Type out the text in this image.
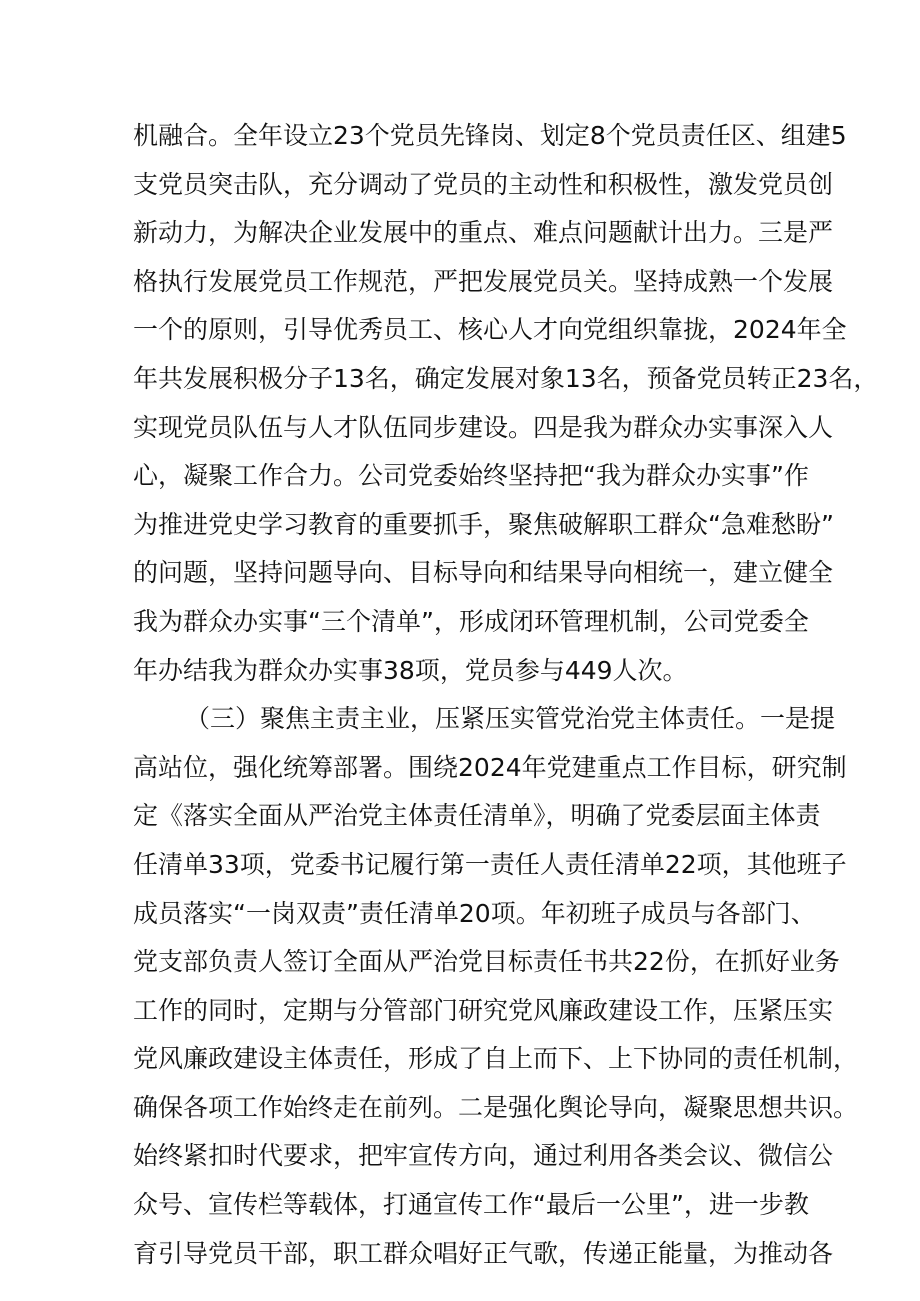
机融合。全年设立23个党员先锋岗、划定8个党员责任区、组建5
支党员突击队，充分调动了党员的主动性和积极性，激发党员创
新动力，为解决企业发展中的重点、难点问题献计出力。三是严
格执行发展党员工作规范，严把发展党员关。坚持成熟一个发展
一个的原则，引导优秀员工、核心人才向党组织靠拢，2024年全
年共发展积极分子13名，确定发展对象13名，预备党员转正23名，
实现党员队伍与人才队伍同步建设。四是我为群众办实事深入人
心，凝聚工作合力。公司党委始终坚持把“我为群众办实事”作
为推进党史学习教育的重要抓手，聚焦破解职工群众“急难愁盼”
的问题，坚持问题导向、目标导向和结果导向相统一，建立健全
我为群众办实事“三个清单”，形成闭环管理机制，公司党委全
年办结我为群众办实事38项，党员参与449人次。
（三）聚焦主责主业，压紧压实管党治党主体责任。一是提
高站位，强化统筹部署。围绕2024年党建重点工作目标，研究制
定《落实全面从严治党主体责任清单》，明确了党委层面主体责
任清单33项，党委书记履行第一责任人责任清单22项，其他班子
成员落实“一岗双责”责任清单20项。年初班子成员与各部门、
党支部负责人签订全面从严治党目标责任书共22份，在抓好业务
工作的同时，定期与分管部门研究党风廉政建设工作，压紧压实
党风廉政建设主体责任，形成了自上而下、上下协同的责任机制，
确保各项工作始终走在前列。二是强化舆论导向，凝聚思想共识。
始终紧扣时代要求，把牢宣传方向，通过利用各类会议、微信公
众号、宣传栏等载体，打通宣传工作“最后一公里”，进一步教
育引导党员干部，职工群众唱好正气歌，传递正能量，为推动各
